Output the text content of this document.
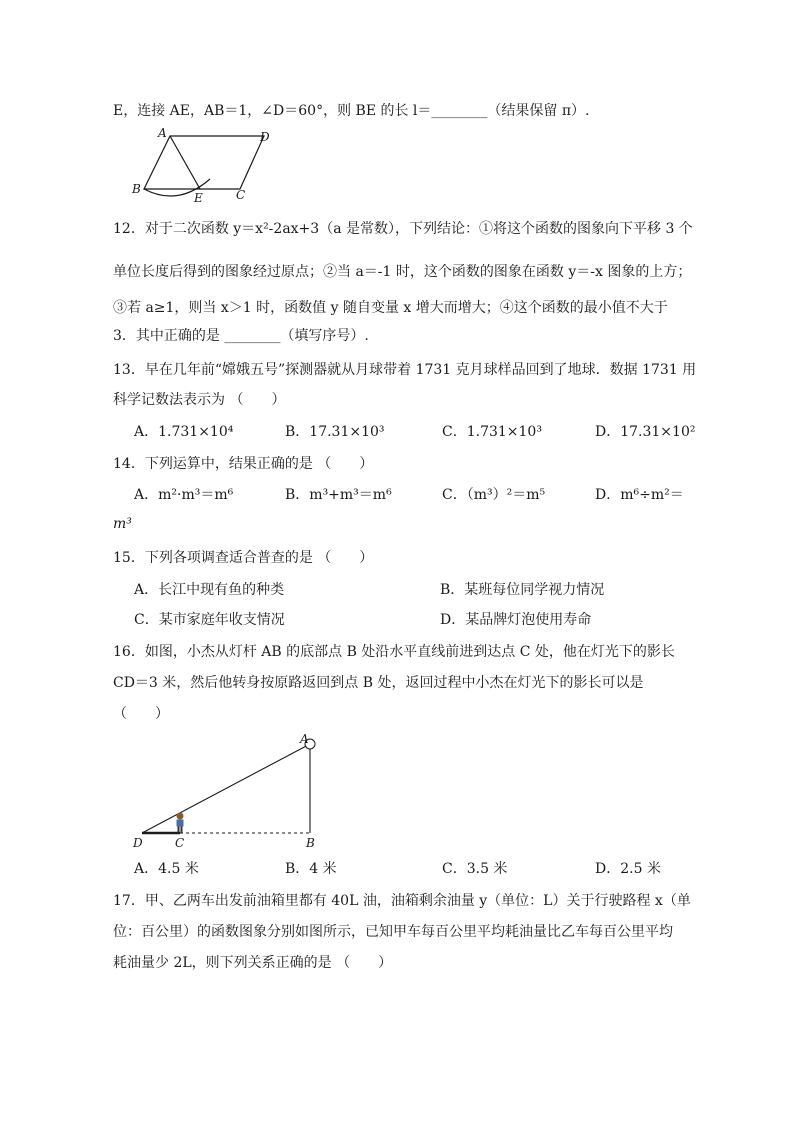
E，连接 AE，AB＝1，∠D＝60°，则 BE 的长 l＝________（结果保留 π）.
A	D
B	C
E
12．对于二次函数 y＝x²-2ax+3（a 是常数），下列结论：①将这个函数的图象向下平移 3 个
单位长度后得到的图象经过原点；②当 a＝-1 时，这个函数的图象在函数 y＝-x 图象的上方；
③若 a≥1，则当 x＞1 时，函数值 y 随自变量 x 增大而增大；④这个函数的最小值不大于
3．其中正确的是 ________（填写序号）.
13．早在几年前“嫦娥五号”探测器就从月球带着 1731 克月球样品回到了地球．数据 1731 用
科学记数法表示为 （　　）
A．1.731×10⁴	B．17.31×10³	C．1.731×10³	D．17.31×10²
14．下列运算中，结果正确的是 （　　）
A．m²·m³＝m⁶	B．m³+m³＝m⁶	C．（m³）²＝m⁵	D．m⁶÷m²＝
m³
15．下列各项调查适合普查的是 （　　）
A．长江中现有鱼的种类	B．某班每位同学视力情况
C．某市家庭年收支情况	D．某品牌灯泡使用寿命
16．如图，小杰从灯杆 AB 的底部点 B 处沿水平直线前进到达点 C 处，他在灯光下的影长
CD＝3 米，然后他转身按原路返回到点 B 处，返回过程中小杰在灯光下的影长可以是
（　　）
A
B
C
D
A．4.5 米	B．4 米	C．3.5 米	D．2.5 米
17．甲、乙两车出发前油箱里都有 40L 油，油箱剩余油量 y（单位：L）关于行驶路程 x（单
位：百公里）的函数图象分别如图所示，已知甲车每百公里平均耗油量比乙车每百公里平均
耗油量少 2L，则下列关系正确的是 （　　）
